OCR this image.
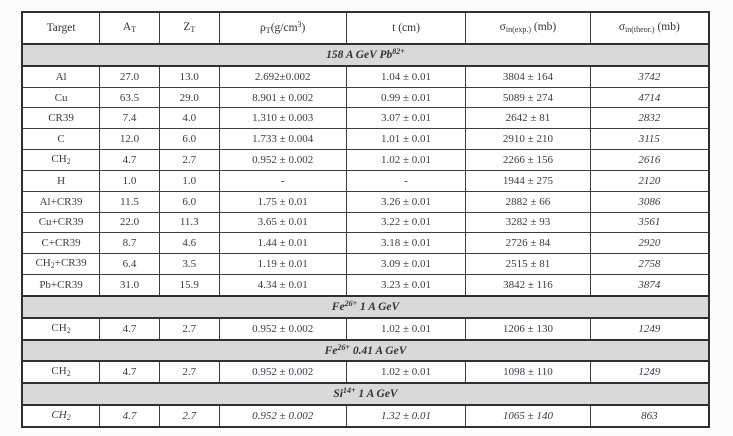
Target	$A_T$	$Z_T$	$\rho_T(g/cm^3)$	t (cm)	$\sigma_{in(exp.)}$ (mb)	$\sigma_{in(theor.)}$ (mb)
158 A GeV $Pb^{82+}$
Al	27.0	13.0	2.692±0.002	1.04 ± 0.01	3804 ± 164	3742
Cu	63.5	29.0	8.901 ± 0.002	0.99 ± 0.01	5089 ± 274	4714
CR39	7.4	4.0	1.310 ± 0.003	3.07 ± 0.01	2642 ± 81	2832
C	12.0	6.0	1.733 ± 0.004	1.01 ± 0.01	2910 ± 210	3115
$CH_2$	4.7	2.7	0.952 ± 0.002	1.02 ± 0.01	2266 ± 156	2616
H	1.0	1.0	-	-	1944 ± 275	2120
Al+CR39	11.5	6.0	1.75 ± 0.01	3.26 ± 0.01	2882 ± 66	3086
Cu+CR39	22.0	11.3	3.65 ± 0.01	3.22 ± 0.01	3282 ± 93	3561
C+CR39	8.7	4.6	1.44 ± 0.01	3.18 ± 0.01	2726 ± 84	2920
$CH_2+CR39$	6.4	3.5	1.19 ± 0.01	3.09 ± 0.01	2515 ± 81	2758
Pb+CR39	31.0	15.9	4.34 ± 0.01	3.23 ± 0.01	3842 ± 116	3874
$Fe^{26+}$ 1 A GeV						
$CH_2$	4.7	2.7	0.952 ± 0.002	1.02 ± 0.01	1206 ± 130	1249
$Fe^{26+}$ 0.41 A GeV						
$CH_2$	4.7	2.7	0.952 ± 0.002	1.02 ± 0.01	1098 ± 110	1249
$Si^{14+}$ 1 A GeV						
$CH_2$	4.7	2.7	0.952 ± 0.002	1.32 ± 0.01	1065 ± 140	863
